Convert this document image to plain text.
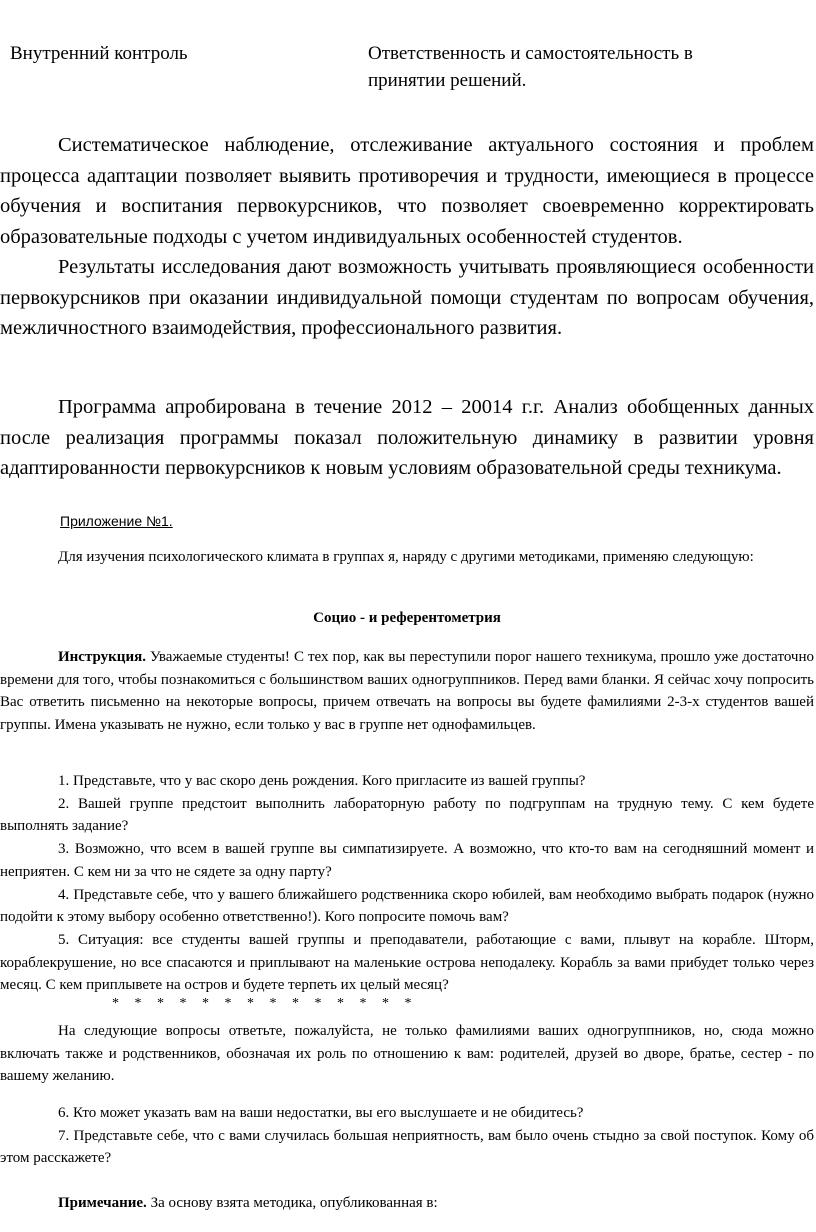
Внутренний контроль	Ответственность и самостоятельность в принятии решений.

Систематическое наблюдение, отслеживание актуального состояния и проблем процесса адаптации позволяет выявить противоречия и трудности, имеющиеся в процессе обучения и воспитания первокурсников, что позволяет своевременно корректировать образовательные подходы с учетом индивидуальных особенностей студентов.

Результаты исследования дают возможность учитывать проявляющиеся особенности первокурсников при оказании индивидуальной помощи студентам по вопросам обучения, межличностного взаимодействия, профессионального развития.

Программа апробирована в течение 2012 – 20014 г.г. Анализ обобщенных данных после реализация программы показал положительную динамику в развитии уровня адаптированности первокурсников к новым условиям образовательной среды техникума.

Приложение №1.

Для изучения психологического климата в группах я, наряду с другими методиками, применяю следующую:

Социо - и референтометрия

Инструкция. Уважаемые студенты! С тех пор, как вы переступили порог нашего техникума, прошло уже достаточно времени для того, чтобы познакомиться с большинством ваших одногруппников. Перед вами бланки. Я сейчас хочу попросить Вас ответить письменно на некоторые вопросы, причем отвечать на вопросы вы будете фамилиями 2-3-х студентов вашей группы. Имена указывать не нужно, если только у вас в группе нет однофамильцев.

1. Представьте, что у вас скоро день рождения. Кого пригласите из вашей группы?

2. Вашей группе предстоит выполнить лабораторную работу по подгруппам на трудную тему. С кем будете выполнять задание?

3. Возможно, что всем в вашей группе вы симпатизируете. А возможно, что кто-то вам на сегодняшний момент и неприятен. С кем ни за что не сядете за одну парту?

4. Представьте себе, что у вашего ближайшего родственника скоро юбилей, вам необходимо выбрать подарок (нужно подойти к этому выбору особенно ответственно!). Кого попросите помочь вам?

5. Ситуация: все студенты вашей группы и преподаватели, работающие с вами, плывут на корабле. Шторм, кораблекрушение, но все спасаются и приплывают на маленькие острова неподалеку. Корабль за вами прибудет только через месяц. С кем приплывете на остров и будете терпеть их целый месяц?

* * * * * * * * * * * * * *

На следующие вопросы ответьте, пожалуйста, не только фамилиями ваших одногруппников, но, сюда можно включать также и родственников, обозначая их роль по отношению к вам: родителей, друзей во дворе, братье, сестер - по вашему желанию.

6. Кто может указать вам на ваши недостатки, вы его выслушаете и не обидитесь?

7. Представьте себе, что с вами случилась большая неприятность, вам было очень стыдно за свой поступок. Кому об этом расскажете?

Примечание. За основу взята методика, опубликованная в:
